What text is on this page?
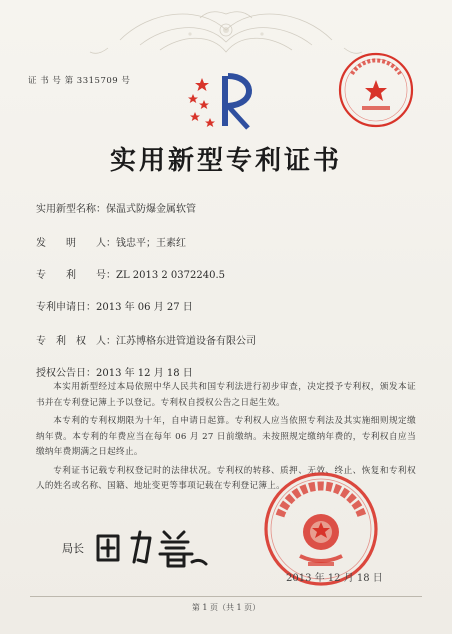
证 书 号 第 3315709 号
实用新型专利证书
实用新型名称：保温式防爆金属软管
发　　明　　人：钱忠平；王素红
专　　利　　号：ZL 2013 2 0372240.5
专利申请日：2013 年 06 月 27 日
专　利　权　人：江苏博格东进管道设备有限公司
授权公告日：2013 年 12 月 18 日

本实用新型经过本局依照中华人民共和国专利法进行初步审查，决定授予专利权，颁发本证书并在专利登记簿上予以登记。专利权自授权公告之日起生效。

本专利的专利权期限为十年，自申请日起算。专利权人应当依照专利法及其实施细则规定缴纳年费。本专利的年费应当在每年 06 月 27 日前缴纳。未按照规定缴纳年费的，专利权自应当缴纳年费期满之日起终止。

专利证书记载专利权登记时的法律状况。专利权的转移、质押、无效、终止、恢复和专利权人的姓名或名称、国籍、地址变更等事项记载在专利登记簿上。

局长
2013 年 12 月 18 日
第 1 页（共 1 页）
